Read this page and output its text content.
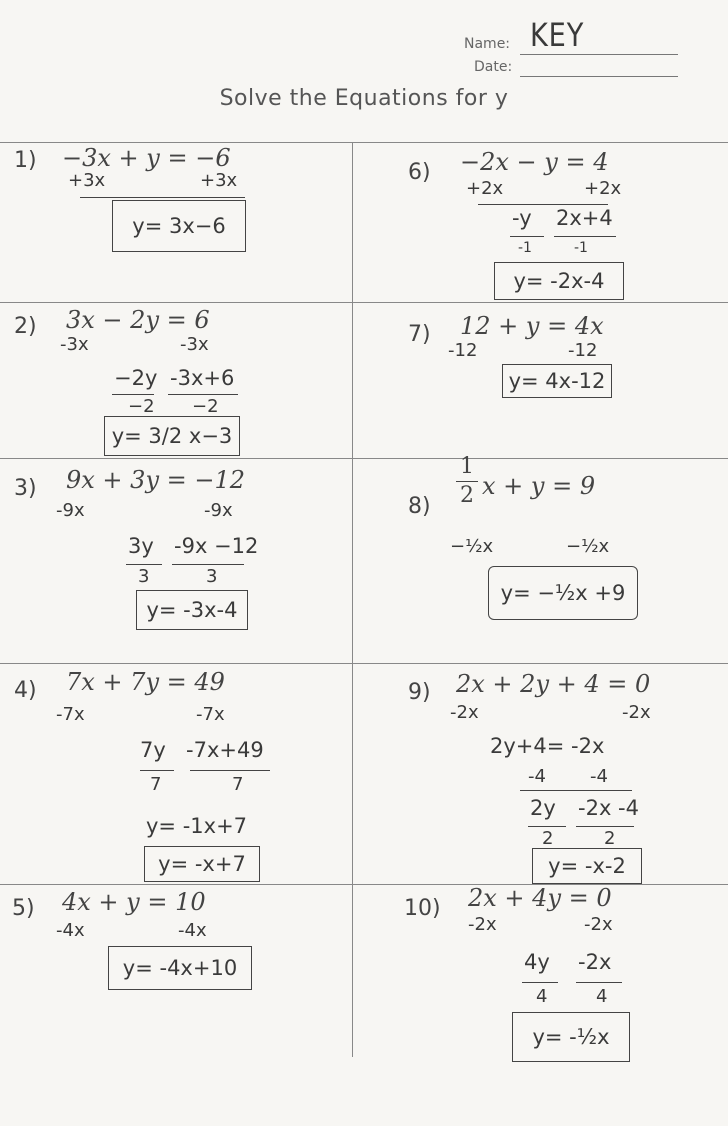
Name: KEY
Date:
Solve the Equations for y
1) −3x + y = −6
+3x	+3x
y= 3x−6
2) 3x − 2y = 6
-3x	-3x
−2y -3x+6
−2 −2
y= 3/2 x−3
3) 9x + 3y = −12
-9x	-9x
3y -9x −12
3	3
y= -3x-4
4) 7x + 7y = 49
-7x	-7x
7y -7x+49
7	7
y= -1x+7
y= -x+7
5) 4x + y = 10
-4x	-4x
y= -4x+10
6) −2x − y = 4
+2x	+2x
-y 2x+4
-1	-1
y= -2x-4
7) 12 + y = 4x
-12	-12
y= 4x-12
8)
1
2 x + y = 9
−½x	−½x
y= −½x +9
9) 2x + 2y + 4 = 0
-2x	-2x
2y+4= -2x
-4 -4
2y -2x -4
2	2
y= -x-2
10) 2x + 4y = 0
-2x	-2x
4y -2x
4	4
y= -½x
